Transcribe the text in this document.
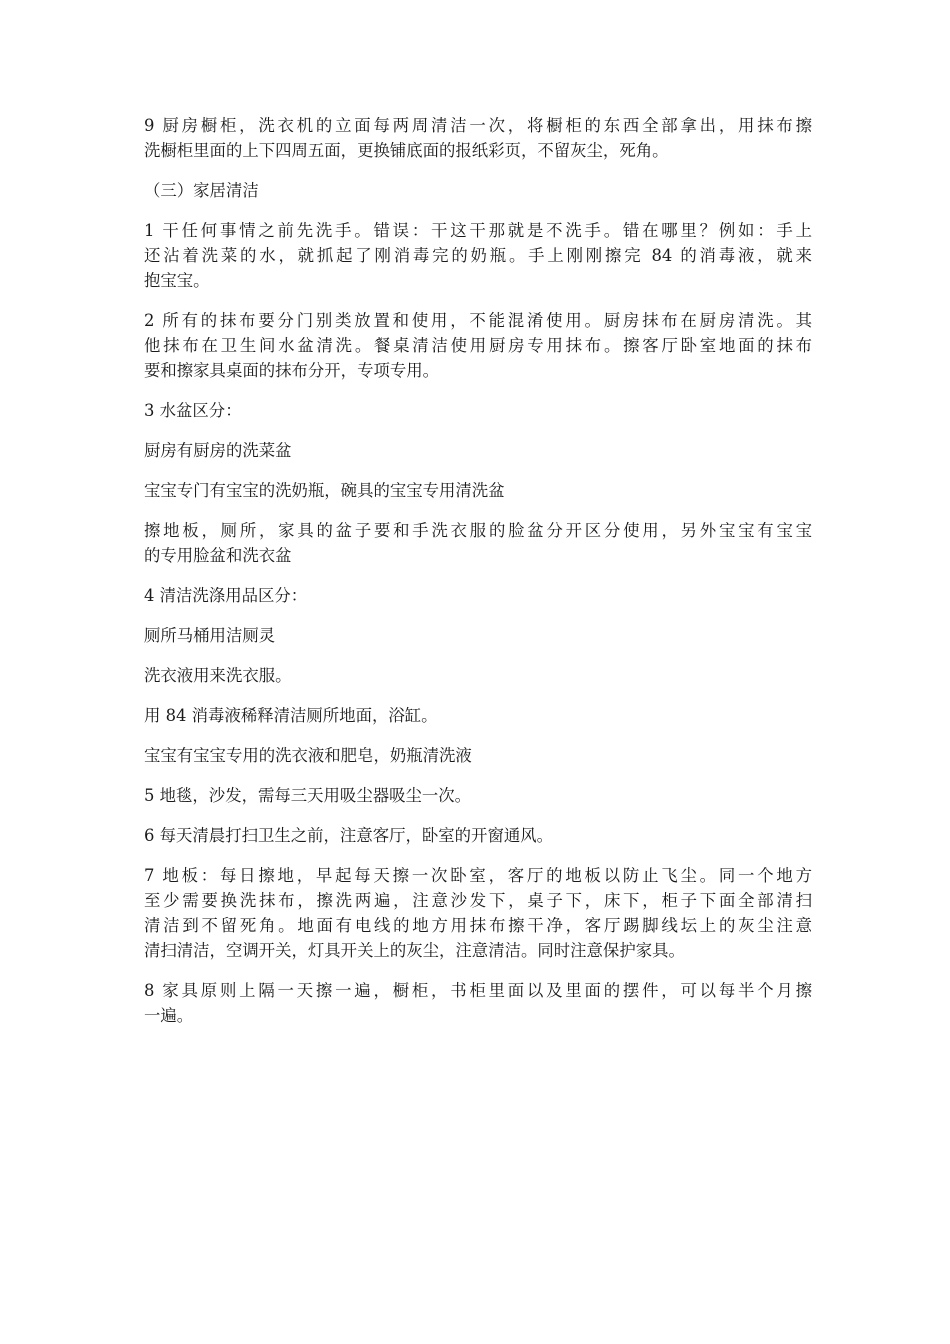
9 厨房橱柜，洗衣机的立面每两周清洁一次，将橱柜的东西全部拿出，用抹布擦
洗橱柜里面的上下四周五面，更换铺底面的报纸彩页，不留灰尘，死角。

（三）家居清洁

1 干任何事情之前先洗手。错误：干这干那就是不洗手。错在哪里？例如：手上
还沾着洗菜的水，就抓起了刚消毒完的奶瓶。手上刚刚擦完 84 的消毒液，就来
抱宝宝。

2 所有的抹布要分门别类放置和使用，不能混淆使用。厨房抹布在厨房清洗。其
他抹布在卫生间水盆清洗。餐桌清洁使用厨房专用抹布。擦客厅卧室地面的抹布
要和擦家具桌面的抹布分开，专项专用。

3 水盆区分：

厨房有厨房的洗菜盆

宝宝专门有宝宝的洗奶瓶，碗具的宝宝专用清洗盆

擦地板，厕所，家具的盆子要和手洗衣服的脸盆分开区分使用，另外宝宝有宝宝
的专用脸盆和洗衣盆

4 清洁洗涤用品区分：

厕所马桶用洁厕灵

洗衣液用来洗衣服。

用 84 消毒液稀释清洁厕所地面，浴缸。

宝宝有宝宝专用的洗衣液和肥皂，奶瓶清洗液

5 地毯，沙发，需每三天用吸尘器吸尘一次。

6 每天清晨打扫卫生之前，注意客厅，卧室的开窗通风。

7 地板：每日擦地，早起每天擦一次卧室，客厅的地板以防止飞尘。同一个地方
至少需要换洗抹布，擦洗两遍，注意沙发下，桌子下，床下，柜子下面全部清扫
清洁到不留死角。地面有电线的地方用抹布擦干净，客厅踢脚线坛上的灰尘注意
清扫清洁，空调开关，灯具开关上的灰尘，注意清洁。同时注意保护家具。

8 家具原则上隔一天擦一遍，橱柜，书柜里面以及里面的摆件，可以每半个月擦
一遍。
